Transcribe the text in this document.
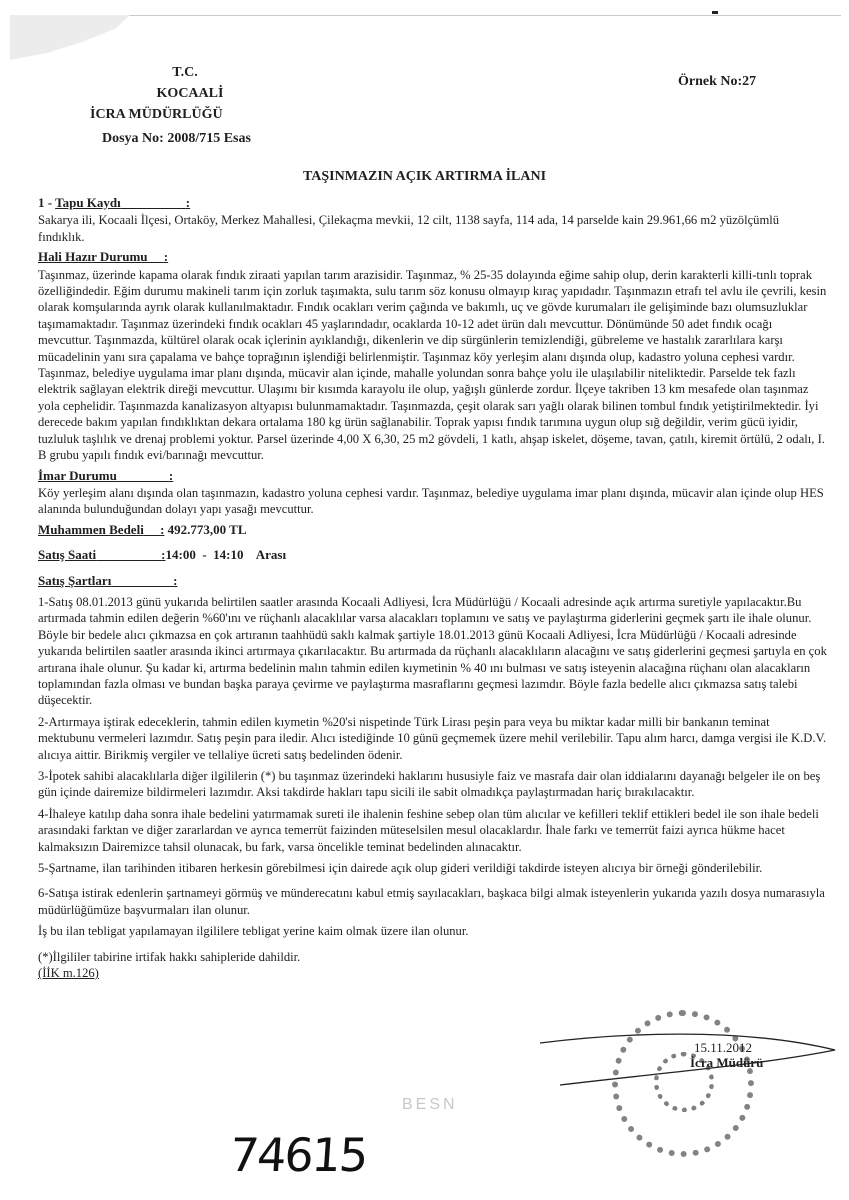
T.C.
KOCAALİ
İCRA MÜDÜRLÜĞÜ
Dosya No: 2008/715 Esas
Örnek No:27
TAŞINMAZIN AÇIK ARTIRMA İLANI
1 - Tapu Kaydı	:

Sakarya ili, Kocaali İlçesi, Ortaköy, Merkez Mahallesi, Çilekaçma mevkii, 12 cilt, 1138 sayfa, 114 ada, 14 parselde kain 29.961,66 m2 yüzölçümlü fındıklık.

Hali Hazır Durumu :

Taşınmaz, üzerinde kapama olarak fındık ziraati yapılan tarım arazisidir. Taşınmaz, % 25-35 dolayında eğime sahip olup, derin karakterli killi-tınlı toprak özelliğindedir. Eğim durumu makineli tarım için zorluk taşımakta, sulu tarım söz konusu olmayıp kıraç yapıdadır. Taşınmazın etrafı tel avlu ile çevrili, kesin olarak komşularında ayrık olarak kullanılmaktadır. Fındık ocakları verim çağında ve bakımlı, uç ve gövde kurumaları ile gelişiminde bazı olumsuzluklar taşımamaktadır. Taşınmaz üzerindeki fındık ocakları 45 yaşlarındadır, ocaklarda 10-12 adet ürün dalı mevcuttur. Dönümünde 50 adet fındık ocağı mevcuttur. Taşınmazda, kültürel olarak ocak içlerinin ayıklandığı, dikenlerin ve dip sürgünlerin temizlendiği, gübreleme ve hastalık zararlılara karşı mücadelinin yanı sıra çapalama ve bahçe toprağının işlendiği belirlenmiştir. Taşınmaz köy yerleşim alanı dışında olup, kadastro yoluna cephesi vardır. Taşınmaz, belediye uygulama imar planı dışında, mücavir alan içinde, mahalle yolundan sonra bahçe yolu ile ulaşılabilir niteliktedir. Parselde tek fazlı elektrik sağlayan elektrik direği mevcuttur. Ulaşımı bir kısımda karayolu ile olup, yağışlı günlerde zordur. İlçeye takriben 13 km mesafede olan taşınmaz yola cephelidir. Taşınmazda kanalizasyon altyapısı bulunmamaktadır. Taşınmazda, çeşit olarak sarı yağlı olarak bilinen tombul fındık yetiştirilmektedir. İyi derecede bakım yapılan fındıklıktan dekara ortalama 180 kg ürün sağlanabilir. Toprak yapısı fındık tarımına uygun olup sığ değildir, verim gücü iyidir, tuzluluk taşlılık ve drenaj problemi yoktur. Parsel üzerinde 4,00 X 6,30, 25 m2 gövdeli, 1 katlı, ahşap iskelet, döşeme, tavan, çatılı, kiremit örtülü, 2 odalı, I. B grubu yapılı fındık evi/barınağı mevcuttur.

İmar Durumu	:

Köy yerleşim alanı dışında olan taşınmazın, kadastro yoluna cephesi vardır. Taşınmaz, belediye uygulama imar planı dışında, mücavir alan içinde olup HES alanında bulunduğundan dolayı yapı yasağı mevcuttur.

Muhammen Bedeli : 492.773,00 TL
Satış Saati	:14:00  -  14:10    Arası
Satış Şartları	:

1-Satış 08.01.2013 günü yukarıda belirtilen saatler arasında Kocaali Adliyesi, İcra Müdürlüğü / Kocaali adresinde açık artırma suretiyle yapılacaktır.Bu artırmada tahmin edilen değerin %60'ını ve rüçhanlı alacaklılar varsa alacakları toplamını ve satış ve paylaştırma giderlerini geçmek şartı ile ihale olunur. Böyle bir bedele alıcı çıkmazsa en çok artıranın taahhüdü saklı kalmak şartiyle 18.01.2013 günü Kocaali Adliyesi, İcra Müdürlüğü / Kocaali adresinde yukarıda belirtilen saatler arasında ikinci artırmaya çıkarılacaktır. Bu artırmada da rüçhanlı alacaklıların alacağını ve satış giderlerini geçmesi şartıyla en çok artırana ihale olunur. Şu kadar ki, artırma bedelinin malın tahmin edilen kıymetinin % 40 ını bulması ve satış isteyenin alacağına rüçhanı olan alacakların toplamından fazla olması ve bundan başka paraya çevirme ve paylaştırma masraflarını geçmesi lazımdır. Böyle fazla bedelle alıcı çıkmazsa satış talebi düşecektir.

2-Artırmaya iştirak edeceklerin, tahmin edilen kıymetin %20'si nispetinde Türk Lirası peşin para veya bu miktar kadar milli bir bankanın teminat mektubunu vermeleri lazımdır. Satış peşin para iledir. Alıcı istediğinde 10 günü geçmemek üzere mehil verilebilir. Tapu alım harcı, damga vergisi ile K.D.V. alıcıya aittir. Birikmiş vergiler ve tellaliye ücreti satış bedelinden ödenir.

3-İpotek sahibi alacaklılarla diğer ilgililerin (*) bu taşınmaz üzerindeki haklarını hususiyle faiz ve masrafa dair olan iddialarını dayanağı belgeler ile on beş gün içinde dairemize bildirmeleri lazımdır. Aksi takdirde hakları tapu sicili ile sabit olmadıkça paylaştırmadan hariç bırakılacaktır.

4-İhaleye katılıp daha sonra ihale bedelini yatırmamak sureti ile ihalenin feshine sebep olan tüm alıcılar ve kefilleri teklif ettikleri bedel ile son ihale bedeli arasındaki farktan ve diğer zararlardan ve ayrıca temerrüt faizinden müteselsilen mesul olacaklardır. İhale farkı ve temerrüt faizi ayrıca hükme hacet kalmaksızın Dairemizce tahsil olunacak, bu fark, varsa öncelikle teminat bedelinden alınacaktır.

5-Şartname, ilan tarihinden itibaren herkesin görebilmesi için dairede açık olup gideri verildiği takdirde isteyen alıcıya bir örneği gönderilebilir.

6-Satışa istirak edenlerin şartnameyi görmüş ve münderecatını kabul etmiş sayılacakları, başkaca bilgi almak isteyenlerin yukarıda yazılı dosya numarasıyla müdürlüğümüze başvurmaları ilan olunur.

İş bu ilan tebligat yapılamayan ilgililere tebligat yerine kaim olmak üzere ilan olunur.

(*)İlgililer tabirine irtifak hakkı sahipleride dahildir.

(İİK m.126)

15.11.2012
İcra Müdürü
BESN
74615
